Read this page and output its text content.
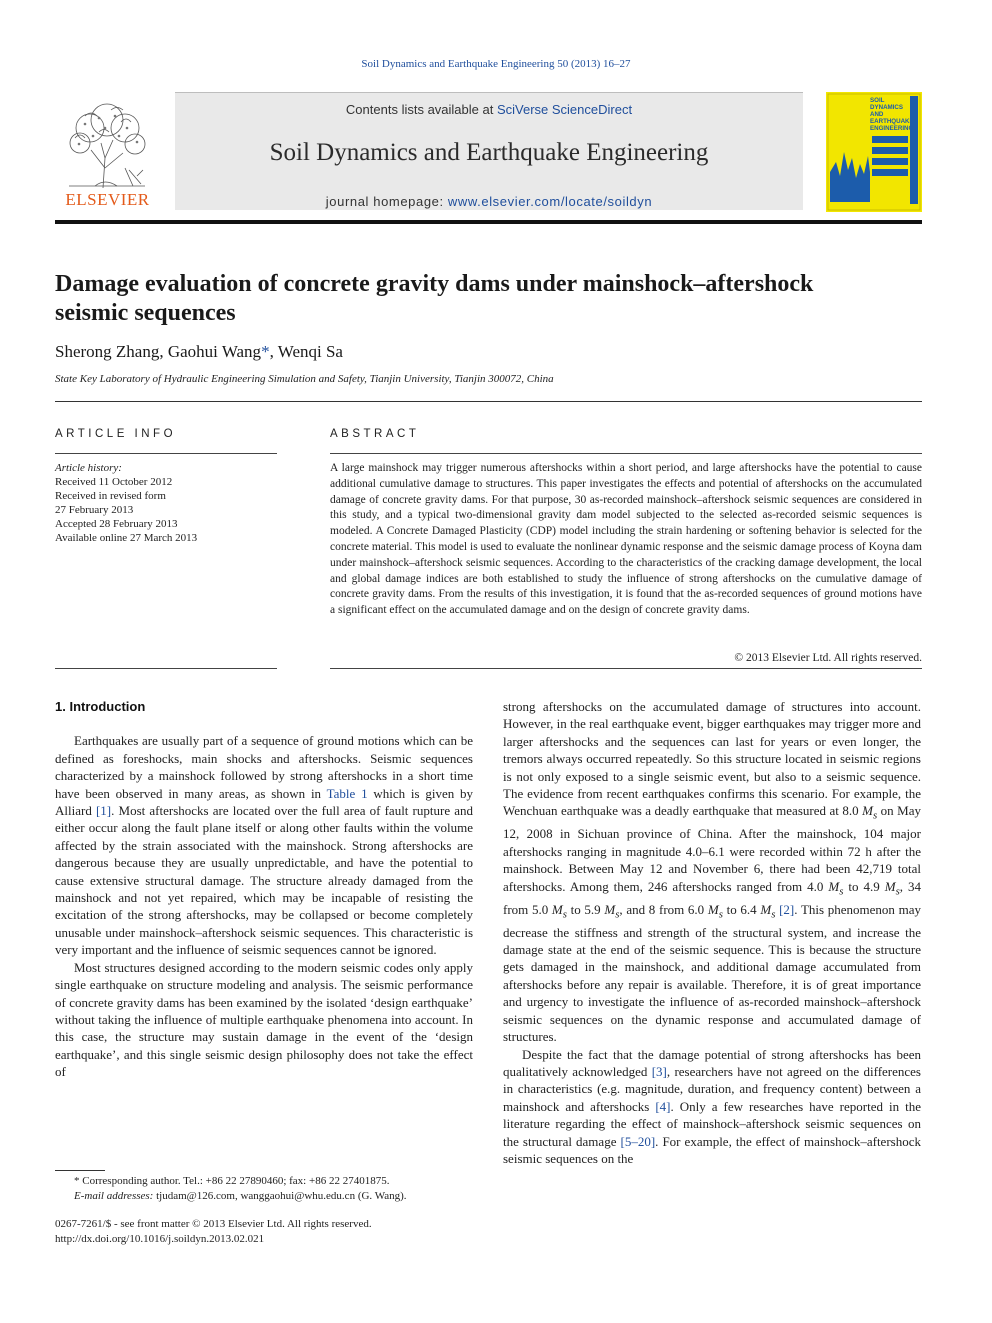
Soil Dynamics and Earthquake Engineering 50 (2013) 16–27
ELSEVIER
Contents lists available at SciVerse ScienceDirect
Soil Dynamics and Earthquake Engineering
journal homepage: www.elsevier.com/locate/soildyn
SOIL
DYNAMICS
AND
EARTHQUAKE
ENGINEERING
Damage evaluation of concrete gravity dams under mainshock–aftershock
seismic sequences
Sherong Zhang, Gaohui Wang*, Wenqi Sa
State Key Laboratory of Hydraulic Engineering Simulation and Safety, Tianjin University, Tianjin 300072, China
ARTICLE INFO
Article history:
Received 11 October 2012
Received in revised form
27 February 2013
Accepted 28 February 2013
Available online 27 March 2013
ABSTRACT
A large mainshock may trigger numerous aftershocks within a short period, and large aftershocks have the potential to cause additional cumulative damage to structures. This paper investigates the effects and potential of aftershocks on the accumulated damage of concrete gravity dams. For that purpose, 30 as-recorded mainshock–aftershock seismic sequences are considered in this study, and a typical two-dimensional gravity dam model subjected to the selected as-recorded seismic sequences is modeled. A Concrete Damaged Plasticity (CDP) model including the strain hardening or softening behavior is selected for the concrete material. This model is used to evaluate the nonlinear dynamic response and the seismic damage process of Koyna dam under mainshock–aftershock seismic sequences. According to the characteristics of the cracking damage development, the local and global damage indices are both established to study the influence of strong aftershocks on the cumulative damage of concrete gravity dams. From the results of this investigation, it is found that the as-recorded sequences of ground motions have a significant effect on the accumulated damage and on the design of concrete gravity dams.
© 2013 Elsevier Ltd. All rights reserved.
1. Introduction

Earthquakes are usually part of a sequence of ground motions which can be defined as foreshocks, main shocks and aftershocks. Seismic sequences characterized by a mainshock followed by strong aftershocks in a short time have been observed in many areas, as shown in Table 1 which is given by Alliard [1]. Most aftershocks are located over the full area of fault rupture and either occur along the fault plane itself or along other faults within the volume affected by the strain associated with the mainshock. Strong aftershocks are dangerous because they are usually unpredictable, and have the potential to cause extensive structural damage. The structure already damaged from the mainshock and not yet repaired, which may be incapable of resisting the excitation of the strong aftershocks, may be collapsed or become completely unusable under mainshock–aftershock seismic sequences. This characteristic is very important and the influence of seismic sequences cannot be ignored.

Most structures designed according to the modern seismic codes only apply single earthquake on structure modeling and analysis. The seismic performance of concrete gravity dams has been examined by the isolated ‘design earthquake’ without taking the influence of multiple earthquake phenomena into account. In this case, the structure may sustain damage in the event of the ‘design earthquake’, and this single seismic design philosophy does not take the effect of

strong aftershocks on the accumulated damage of structures into account. However, in the real earthquake event, bigger earthquakes may trigger more and larger aftershocks and the sequences can last for years or even longer, the tremors always occurred repeatedly. So this structure located in seismic regions is not only exposed to a single seismic event, but also to a seismic sequence. The evidence from recent earthquakes confirms this scenario. For example, the Wenchuan earthquake was a deadly earthquake that measured at 8.0 $M_s$ on May 12, 2008 in Sichuan province of China. After the mainshock, 104 major aftershocks ranging in magnitude 4.0–6.1 were recorded within 72 h after the mainshock. Between May 12 and November 6, there had been 42,719 total aftershocks. Among them, 246 aftershocks ranged from 4.0 $M_s$ to 4.9 $M_s$, 34 from 5.0 $M_s$ to 5.9 $M_s$, and 8 from 6.0 $M_s$ to 6.4 $M_s$ [2]. This phenomenon may decrease the stiffness and strength of the structural system, and increase the damage state at the end of the seismic sequence. This is because the structure gets damaged in the mainshock, and additional damage accumulated from aftershocks before any repair is available. Therefore, it is of great importance and urgency to investigate the influence of as-recorded mainshock–aftershock seismic sequences on the dynamic response and accumulated damage of structures.

Despite the fact that the damage potential of strong aftershocks has been qualitatively acknowledged [3], researchers have not agreed on the differences in characteristics (e.g. magnitude, duration, and frequency content) between a mainshock and aftershocks [4]. Only a few researches have reported in the literature regarding the effect of mainshock–aftershock seismic sequences on the structural damage [5–20]. For example, the effect of mainshock–aftershock seismic sequences on the

* Corresponding author. Tel.: +86 22 27890460; fax: +86 22 27401875.
E-mail addresses: tjudam@126.com, wanggaohui@whu.edu.cn (G. Wang).
0267-7261/$ - see front matter © 2013 Elsevier Ltd. All rights reserved.
http://dx.doi.org/10.1016/j.soildyn.2013.02.021
